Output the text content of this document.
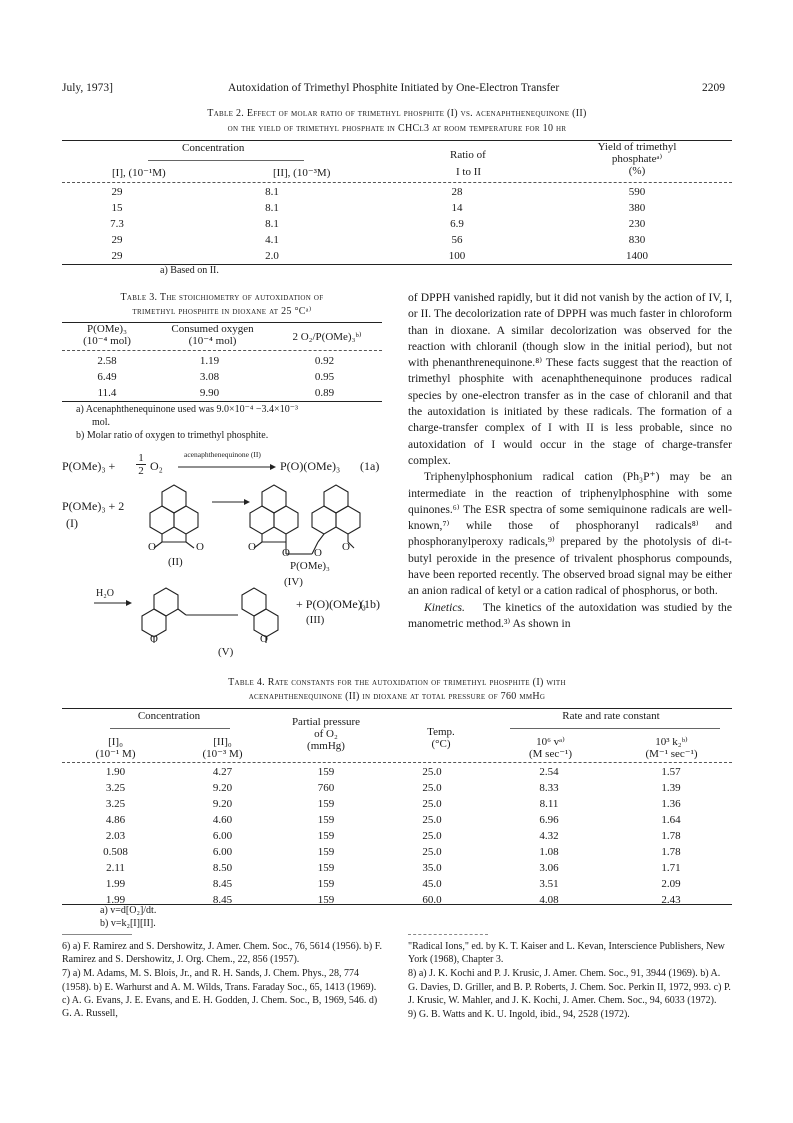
July, 1973]	Autoxidation of Trimethyl Phosphite Initiated by One-Electron Transfer	2209
Table 2. Effect of molar ratio of trimethyl phosphite (I) vs. acenaphthenequinone (II)
on the yield of trimethyl phosphate in CHCl3 at room temperature for 10 hr
Concentration
Ratio of
I to II
Yield of trimethyl
phosphateᵃ⁾
(%)
[I], (10⁻¹M)	[II], (10⁻³M)
29	8.1	28	590
15	8.1	14	380
7.3	8.1	6.9	230
29	4.1	56	830
29	2.0	100	1400
a) Based on II.
Table 3. The stoichiometry of autoxidation of
trimethyl phosphite in dioxane at 25 °Cᵃ⁾
P(OMe)₃
(10⁻⁴ mol)
Consumed oxygen
(10⁻⁴ mol)	2 O₂/P(OMe)₃ᵇ⁾
2.58	1.19	0.92
6.49	3.08	0.95
11.4	9.90	0.89
a) Acenaphthenequinone used was 9.0×10⁻⁴ −3.4×10⁻³
mol.
b) Molar ratio of oxygen to trimethyl phosphite.
P(OMe)₃ +
1
2 O₂
acenaphthenequinone (II)
P(O)(OMe)₃ (1a)
P(OMe)₃ + 2
(I)
O	O	O O O O
(II)	P(OMe)₃
(IV)
H₂O
O	O
(V)
+ P(O)(OMe)₃
(1b)
(III)

of DPPH vanished rapidly, but it did not vanish by the action of IV, I, or II. The decolorization rate of DPPH was much faster in chloroform than in dioxane. A similar decolorization was observed for the reaction with chloranil (though slow in the initial period), but not with phenanthrenequinone.⁸⁾ These facts suggest that the reaction of trimethyl phosphite with acenaphthenequinone produces radical species by one-electron transfer as in the case of chloranil and that the autoxidation is initiated by these radicals. The formation of a charge-transfer complex of I with II is less probable, since no autoxidation of I would occur in the stage of charge-transfer complex.

Triphenylphosphonium radical cation (Ph₃P⁺) may be an intermediate in the reaction of triphenylphosphine with some quinones.⁶⁾ The ESR spectra of some semiquinone radicals are well-known,⁷⁾ while those of phosphoranyl radicals⁸⁾ and phosphoranylperoxy radicals,⁹⁾ prepared by the photolysis of di-t-butyl peroxide in the presence of trivalent phosphorus compounds, have been reported recently. The observed broad signal may be either an anion radical of ketyl or a cation radical of phosphorus, or both.

Kinetics. The kinetics of the autoxidation was studied by the manometric method.³⁾ As shown in

Table 4. Rate constants for the autoxidation of trimethyl phosphite (I) with
acenaphthenequinone (II) in dioxane at total pressure of 760 mmHg
Concentration	Partial pressure
of O₂
(mmHg)
Temp.
(°C)
Rate and rate constant
[I]₀
(10⁻¹ M)
[II]₀
(10⁻³ M)
10⁶ vᵃ⁾
(M sec⁻¹)
10³ k₂ᵇ⁾
(M⁻¹ sec⁻¹)
1.90	4.27	159	25.0	2.54	1.57
3.25	9.20	760	25.0	8.33	1.39
3.25	9.20	159	25.0	8.11	1.36
4.86	4.60	159	25.0	6.96	1.64
2.03	6.00	159	25.0	4.32	1.78
0.508	6.00	159	25.0	1.08	1.78
2.11	8.50	159	35.0	3.06	1.71
1.99	8.45	159	45.0	3.51	2.09
1.99	8.45	159	60.0	4.08	2.43
a) v=d[O₂]/dt.
b) v=k₂[I][II].
6) a) F. Ramirez and S. Dershowitz, J. Amer. Chem. Soc., 76, 5614 (1956). b) F. Ramirez and S. Dershowitz, J. Org. Chem., 22, 856 (1957).
7) a) M. Adams, M. S. Blois, Jr., and R. H. Sands, J. Chem. Phys., 28, 774 (1958). b) E. Warhurst and A. M. Wilds, Trans. Faraday Soc., 65, 1413 (1969). c) A. G. Evans, J. E. Evans, and E. H. Godden, J. Chem. Soc., B, 1969, 546. d) G. A. Russell,
"Radical Ions," ed. by K. T. Kaiser and L. Kevan, Interscience Publishers, New York (1968), Chapter 3.
8) a) J. K. Kochi and P. J. Krusic, J. Amer. Chem. Soc., 91, 3944 (1969). b) A. G. Davies, D. Griller, and B. P. Roberts, J. Chem. Soc. Perkin II, 1972, 993. c) P. J. Krusic, W. Mahler, and J. K. Kochi, J. Amer. Chem. Soc., 94, 6033 (1972).
9) G. B. Watts and K. U. Ingold, ibid., 94, 2528 (1972).
